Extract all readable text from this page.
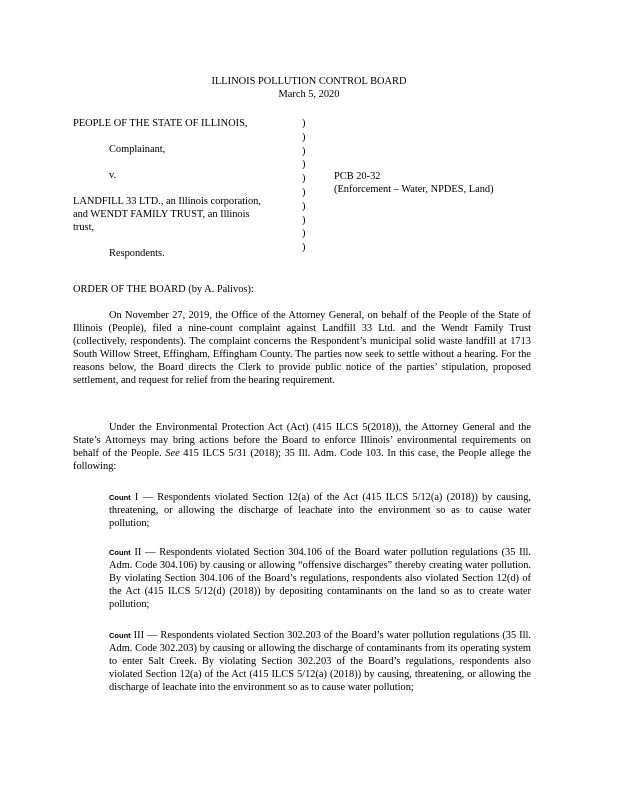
ILLINOIS POLLUTION CONTROL BOARD
March 5, 2020
PEOPLE OF THE STATE OF ILLINOIS,
Complainant,
v.
LANDFILL 33 LTD., an Illinois corporation,
and WENDT FAMILY TRUST, an Illinois
trust,
Respondents.
)
)
)
)
)
)
)
)
)
)
PCB 20-32
(Enforcement – Water, NPDES, Land)
ORDER OF THE BOARD (by A. Palivos):

On November 27, 2019, the Office of the Attorney General, on behalf of the People of the State of Illinois (People), filed a nine-count complaint against Landfill 33 Ltd. and the Wendt Family Trust (collectively, respondents). The complaint concerns the Respondent’s municipal solid waste landfill at 1713 South Willow Street, Effingham, Effingham County. The parties now seek to settle without a hearing. For the reasons below, the Board directs the Clerk to provide public notice of the parties’ stipulation, proposed settlement, and request for relief from the hearing requirement.

Under the Environmental Protection Act (Act) (415 ILCS 5(2018)), the Attorney General and the State’s Attorneys may bring actions before the Board to enforce Illinois’ environmental requirements on behalf of the People. See 415 ILCS 5/31 (2018); 35 Ill. Adm. Code 103. In this case, the People allege the following:

Count I — Respondents violated Section 12(a) of the Act (415 ILCS 5/12(a) (2018)) by causing, threatening, or allowing the discharge of leachate into the environment so as to cause water pollution;
Count II — Respondents violated Section 304.106 of the Board water pollution regulations (35 Ill. Adm. Code 304.106) by causing or allowing “offensive discharges” thereby creating water pollution. By violating Section 304.106 of the Board’s regulations, respondents also violated Section 12(d) of the Act (415 ILCS 5/12(d) (2018)) by depositing contaminants on the land so as to create water pollution;
Count III — Respondents violated Section 302.203 of the Board’s water pollution regulations (35 Ill. Adm. Code 302.203) by causing or allowing the discharge of contaminants from its operating system to enter Salt Creek. By violating Section 302.203 of the Board’s regulations, respondents also violated Section 12(a) of the Act (415 ILCS 5/12(a) (2018)) by causing, threatening, or allowing the discharge of leachate into the environment so as to cause water pollution;
